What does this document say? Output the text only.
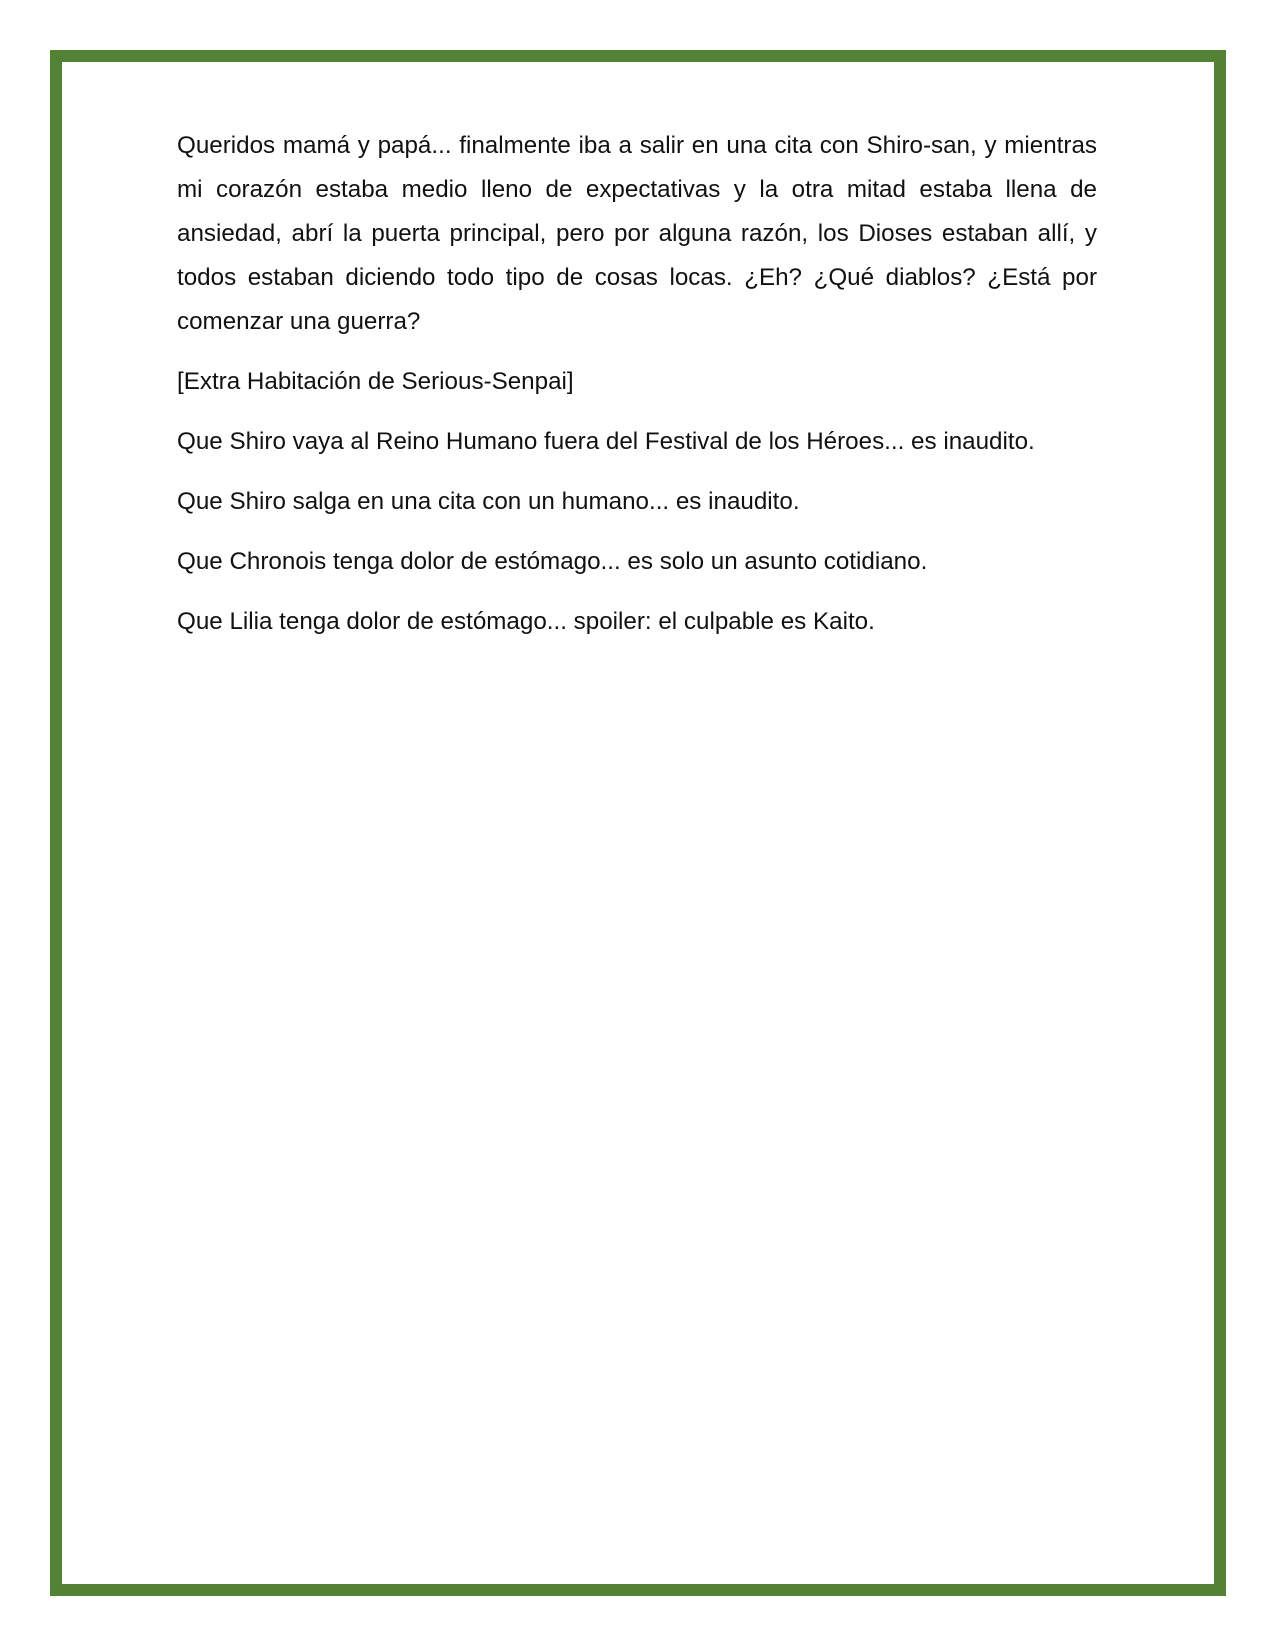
Queridos mamá y papá... finalmente iba a salir en una cita con Shiro-san, y mientras mi corazón estaba medio lleno de expectativas y la otra mitad estaba llena de ansiedad, abrí la puerta principal, pero por alguna razón, los Dioses estaban allí, y todos estaban diciendo todo tipo de cosas locas. ¿Eh? ¿Qué diablos? ¿Está por comenzar una guerra?

[Extra Habitación de Serious-Senpai]

Que Shiro vaya al Reino Humano fuera del Festival de los Héroes... es inaudito.

Que Shiro salga en una cita con un humano... es inaudito.

Que Chronois tenga dolor de estómago... es solo un asunto cotidiano.

Que Lilia tenga dolor de estómago... spoiler: el culpable es Kaito.
